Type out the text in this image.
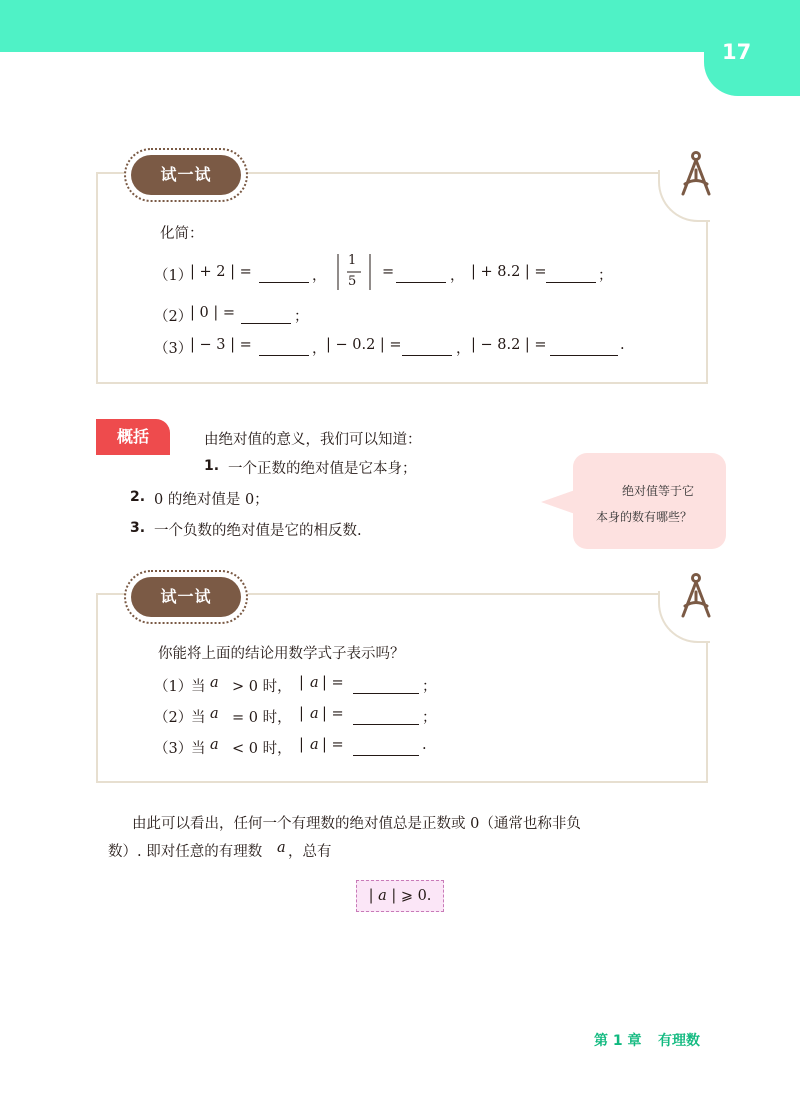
17
试一试
化简：
（1）
| + 2 | =	，
1
5
=	， | + 8.2 | =	；
（2）
| 0 | =	；
（3）
| − 3 | =	， | − 0.2 | =	， | − 8.2 | =	.
概括	由绝对值的意义，我们可以知道：
1. 一个正数的绝对值是它本身；
2. 0 的绝对值是 0；
3. 一个负数的绝对值是它的相反数.
绝对值等于它
本身的数有哪些？
试一试
你能将上面的结论用数学式子表示吗？
（1）
当 a > 0 时， | a | =	；
（2）
当 a = 0 时， | a | =	；
（3）
当 a < 0 时， | a | =	.
由此可以看出，任何一个有理数的绝对值总是正数或 0（通常也称非负
数）. 即对任意的有理数 a ，总有
| a | ⩾ 0.
第 1 章 有理数
